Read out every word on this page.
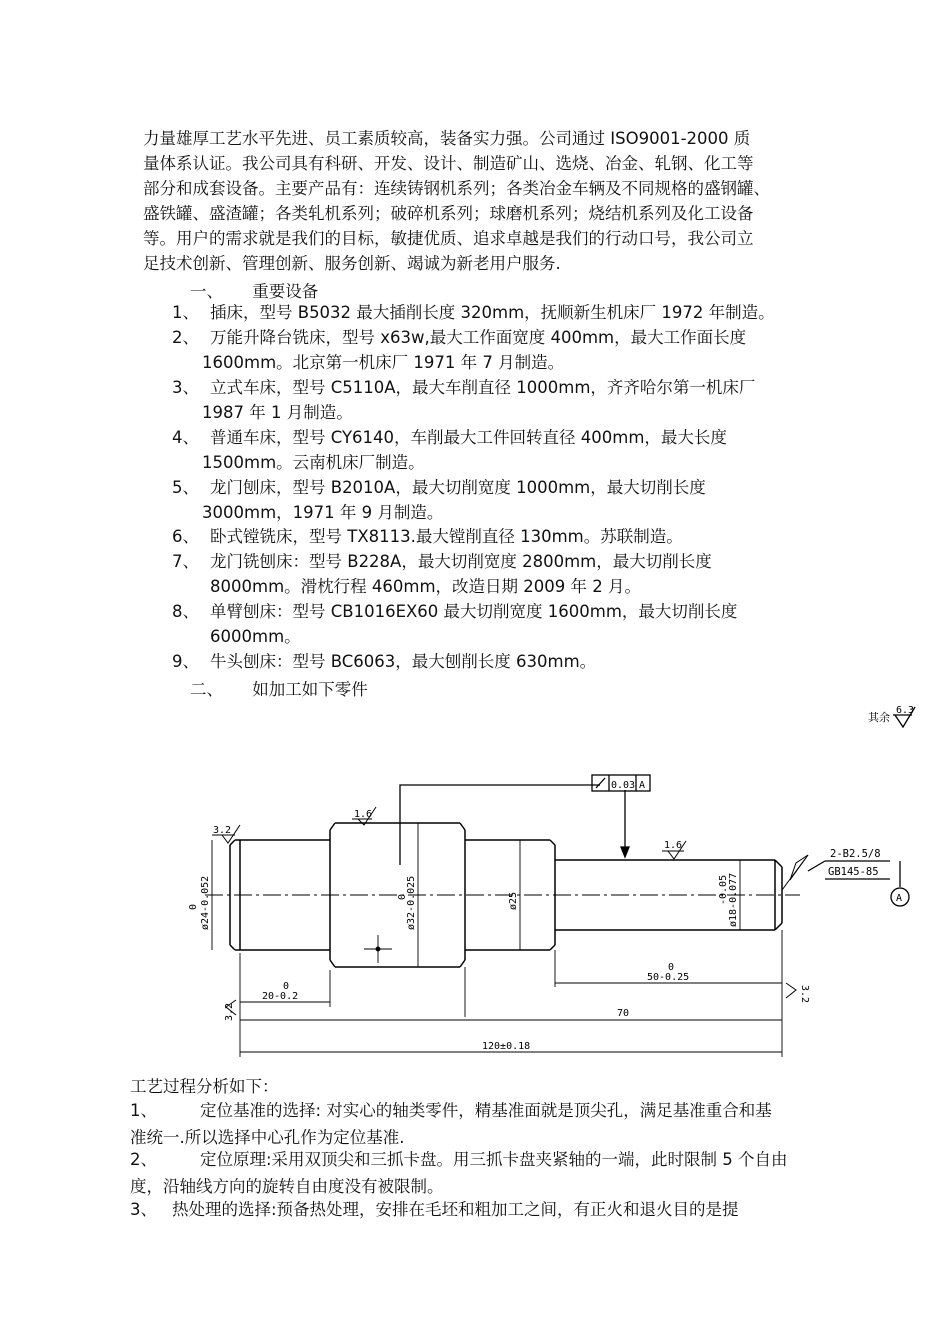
力量雄厚工艺水平先进、员工素质较高，装备实力强。公司通过 ISO9001-2000 质
量体系认证。我公司具有科研、开发、设计、制造矿山、选烧、冶金、轧钢、化工等
部分和成套设备。主要产品有：连续铸钢机系列；各类冶金车辆及不同规格的盛钢罐、
盛铁罐、盛渣罐；各类轧机系列；破碎机系列；球磨机系列；烧结机系列及化工设备
等。用户的需求就是我们的目标，敏捷优质、追求卓越是我们的行动口号，我公司立
足技术创新、管理创新、服务创新、竭诚为新老用户服务.
一、 重要设备
1、 插床，型号 B5032 最大插削长度 320mm，抚顺新生机床厂 1972 年制造。
2、 万能升降台铣床，型号 x63w,最大工作面宽度 400mm，最大工作面长度
1600mm。北京第一机床厂 1971 年 7 月制造。
3、 立式车床，型号 C5110A，最大车削直径 1000mm，齐齐哈尔第一机床厂
1987 年 1 月制造。
4、 普通车床，型号 CY6140，车削最大工件回转直径 400mm，最大长度
1500mm。云南机床厂制造。
5、 龙门刨床，型号 B2010A，最大切削宽度 1000mm，最大切削长度
3000mm，1971 年 9 月制造。
6、 卧式镗铣床，型号 TX8113.最大镗削直径 130mm。苏联制造。
7、 龙门铣刨床：型号 B228A，最大切削宽度 2800mm，最大切削长度
8000mm。滑枕行程 460mm，改造日期 2009 年 2 月。
8、 单臂刨床：型号 CB1016EX60 最大切削宽度 1600mm，最大切削长度
6000mm。
9、 牛头刨床：型号 BC6063，最大刨削长度 630mm。
二、 如加工如下零件
其余
6.3
0.03 A
3.2
1.6
1.6
2-B2.5/8
GB145-85
A
0 ø24-0.052	0
ø32-0.025	ø25	-0.05 ø18-0.077
0
20-0.2
0
50-0.25
70
120±0.18
3.2
3.2
工艺过程分析如下：
1、	定位基准的选择: 对实心的轴类零件，精基准面就是顶尖孔，满足基准重合和基
准统一.所以选择中心孔作为定位基准.
2、	定位原理:采用双顶尖和三抓卡盘。用三抓卡盘夹紧轴的一端，此时限制 5 个自由
度，沿轴线方向的旋转自由度没有被限制。
3、 热处理的选择:预备热处理，安排在毛坯和粗加工之间，有正火和退火目的是提
